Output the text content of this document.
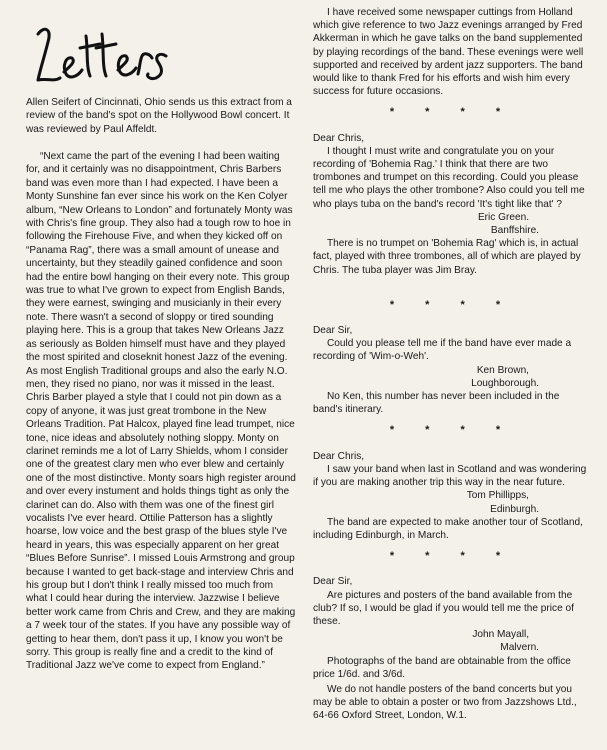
Letters

Allen Seifert of Cincinnati, Ohio sends us this extract from a review of the band's spot on the Hollywood Bowl concert. It was reviewed by Paul Affeldt.

“Next came the part of the evening I had been waiting for, and it certainly was no disappointment, Chris Barbers band was even more than I had expected. I have been a Monty Sunshine fan ever since his work on the Ken Colyer album, “New Orleans to London” and fortunately Monty was with Chris's fine group. They also had a tough row to hoe in following the Firehouse Five, and when they kicked off on “Panama Rag”, there was a small amount of unease and uncertainty, but they steadily gained confidence and soon had the entire bowl hanging on their every note. This group was true to what I've grown to expect from English Bands, they were earnest, swinging and musicianly in their every note. There wasn't a second of sloppy or tired sounding playing here. This is a group that takes New Orleans Jazz as seriously as Bolden himself must have and they played the most spirited and closeknit honest Jazz of the evening. As most English Traditional groups and also the early N.O. men, they rised no piano, nor was it missed in the least. Chris Barber played a style that I could not pin down as a copy of anyone, it was just great trombone in the New Orleans Tradition. Pat Halcox, played fine lead trumpet, nice tone, nice ideas and absolutely nothing sloppy. Monty on clarinet reminds me a lot of Larry Shields, whom I consider one of the greatest clary men who ever blew and certainly one of the most distinctive. Monty soars high register around and over every instument and holds things tight as only the clarinet can do. Also with them was one of the finest girl vocalists I've ever heard. Ottilie Patterson has a slightly hoarse, low voice and the best grasp of the blues style I've heard in years, this was especially apparent on her great “Blues Before Sunrise”. I missed Louis Armstrong and group because I wanted to get back-stage and interview Chris and his group but I don't think I really missed too much from what I could hear during the interview. Jazzwise I believe better work came from Chris and Crew, and they are making a 7 week tour of the states. If you have any possible way of getting to hear them, don't pass it up, I know you won't be sorry. This group is really fine and a credit to the kind of Traditional Jazz we've come to expect from England.”

I have received some newspaper cuttings from Holland which give reference to two Jazz evenings arranged by Fred Akkerman in which he gave talks on the band supplemented by playing recordings of the band. These evenings were well supported and received by ardent jazz supporters. The band would like to thank Fred for his efforts and wish him every success for future occasions.

* * * *

Dear Chris,

I thought I must write and congratulate you on your recording of 'Bohemia Rag.' I think that there are two trombones and trumpet on this recording. Could you please tell me who plays the other trombone? Also could you tell me who plays tuba on the band's record 'It's tight like that' ?

Eric Green.

Banffshire.

There is no trumpet on 'Bohemia Rag' which is, in actual fact, played with three trombones, all of which are played by Chris. The tuba player was Jim Bray.

* * * *

Dear Sir,

Could you please tell me if the band have ever made a recording of 'Wim-o-Weh'.

Ken Brown,

Loughborough.

No Ken, this number has never been included in the band's itinerary.

* * * *

Dear Chris,

I saw your band when last in Scotland and was wondering if you are making another trip this way in the near future.

Tom Phillipps,

Edinburgh.

The band are expected to make another tour of Scotland, including Edinburgh, in March.

* * * *

Dear Sir,

Are pictures and posters of the band available from the club? If so, I would be glad if you would tell me the price of these.

John Mayall,

Malvern.

Photographs of the band are obtainable from the office price 1/6d. and 3/6d.

We do not handle posters of the band concerts but you may be able to obtain a poster or two from Jazzshows Ltd., 64-66 Oxford Street, London, W.1.
